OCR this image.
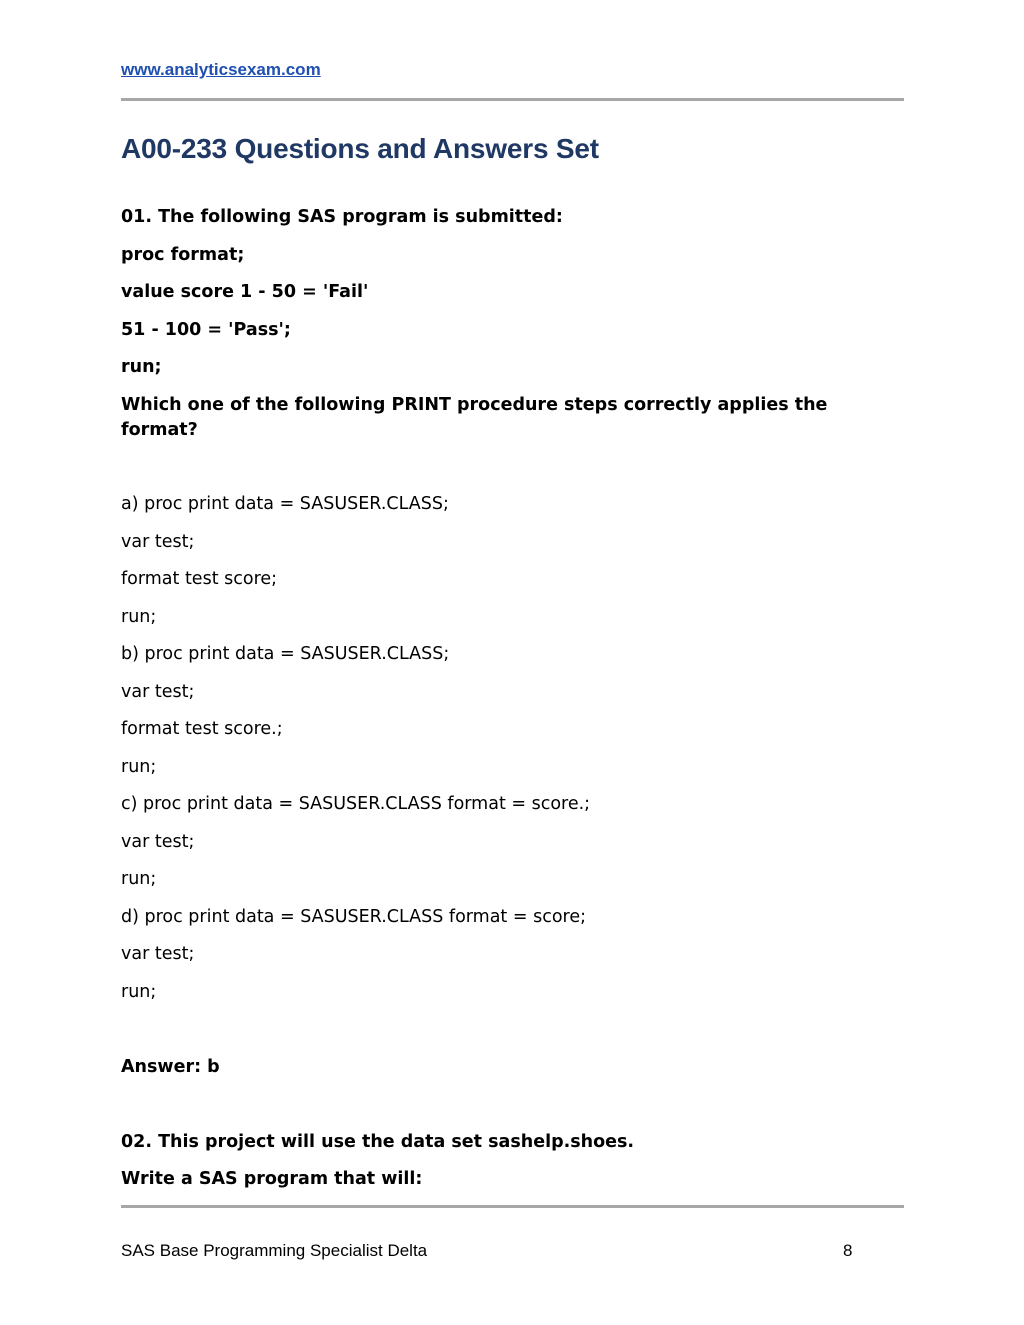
www.analyticsexam.com
A00-233 Questions and Answers Set

01. The following SAS program is submitted:

proc format;

value score 1 - 50 = 'Fail'

51 - 100 = 'Pass';

run;

Which one of the following PRINT procedure steps correctly applies the format?

a) proc print data = SASUSER.CLASS;

var test;

format test score;

run;

b) proc print data = SASUSER.CLASS;

var test;

format test score.;

run;

c) proc print data = SASUSER.CLASS format = score.;

var test;

run;

d) proc print data = SASUSER.CLASS format = score;

var test;

run;

Answer: b

02. This project will use the data set sashelp.shoes.

Write a SAS program that will:

SAS Base Programming Specialist Delta	8
